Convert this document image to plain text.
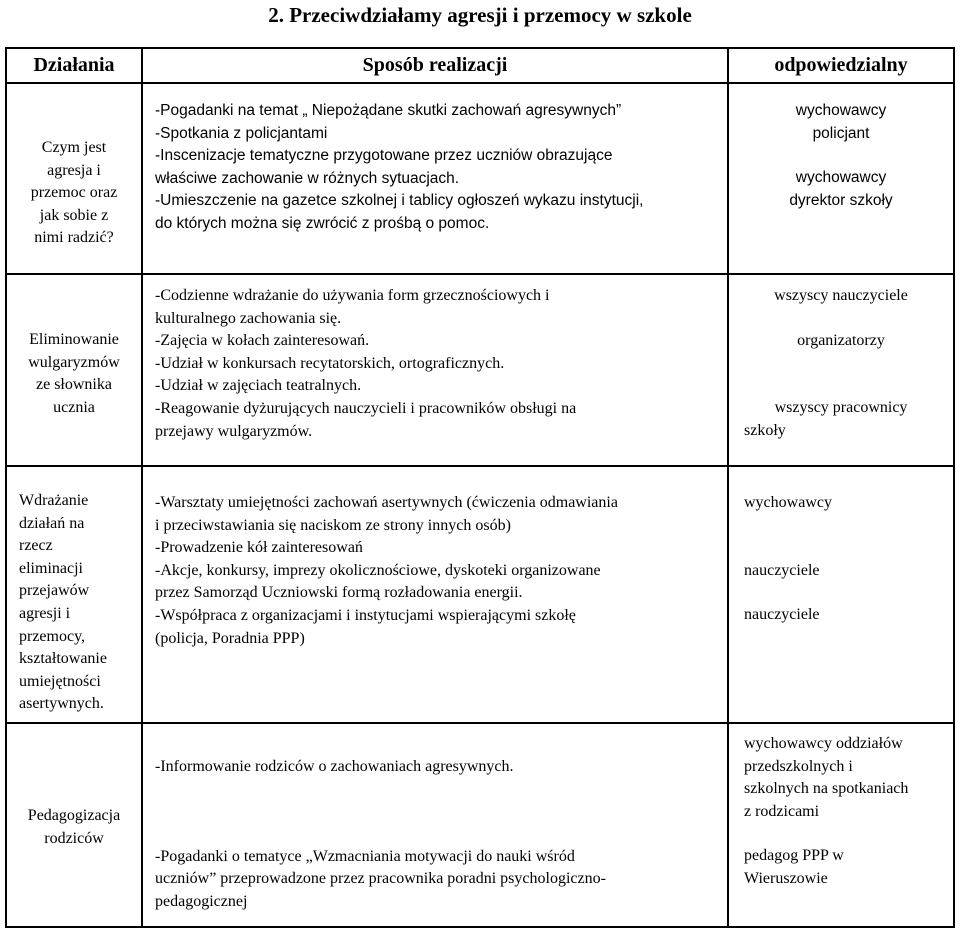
2. Przeciwdziałamy agresji i przemocy w szkole
Działania	Sposób realizacji	odpowiedzialny
Czym jest
agresja i
przemoc oraz
jak sobie z
nimi radzić?
-Pogadanki na temat „ Niepożądane skutki zachowań agresywnych”
-Spotkania z policjantami
-Inscenizacje tematyczne przygotowane przez uczniów obrazujące
właściwe zachowanie w różnych sytuacjach.
-Umieszczenie na gazetce szkolnej i tablicy ogłoszeń wykazu instytucji,
do których można się zwrócić z prośbą o pomoc.
wychowawcy
policjant
wychowawcy
dyrektor szkoły
Eliminowanie
wulgaryzmów
ze słownika
ucznia
-Codzienne wdrażanie do używania form grzecznościowych i
kulturalnego zachowania się.
-Zajęcia w kołach zainteresowań.
-Udział w konkursach recytatorskich, ortograficznych.
-Udział w zajęciach teatralnych.
-Reagowanie dyżurujących nauczycieli i pracowników obsługi na
przejawy wulgaryzmów.
wszyscy nauczyciele
organizatorzy
wszyscy pracownicy
szkoły
Wdrażanie
działań na
rzecz
eliminacji
przejawów
agresji i
przemocy,
kształtowanie
umiejętności
asertywnych.
-Warsztaty umiejętności zachowań asertywnych (ćwiczenia odmawiania
i przeciwstawiania się naciskom ze strony innych osób)
-Prowadzenie kół zainteresowań
-Akcje, konkursy, imprezy okolicznościowe, dyskoteki organizowane
przez Samorząd Uczniowski formą rozładowania energii.
-Współpraca z organizacjami i instytucjami wspierającymi szkołę
(policja, Poradnia PPP)
wychowawcy
nauczyciele
nauczyciele
Pedagogizacja
rodziców
-Informowanie rodziców o zachowaniach agresywnych.
-Pogadanki o tematyce „Wzmacniania motywacji do nauki wśród
uczniów” przeprowadzone przez pracownika poradni psychologiczno-
pedagogicznej
wychowawcy oddziałów
przedszkolnych i
szkolnych na spotkaniach
z rodzicami
pedagog PPP w
Wieruszowie
